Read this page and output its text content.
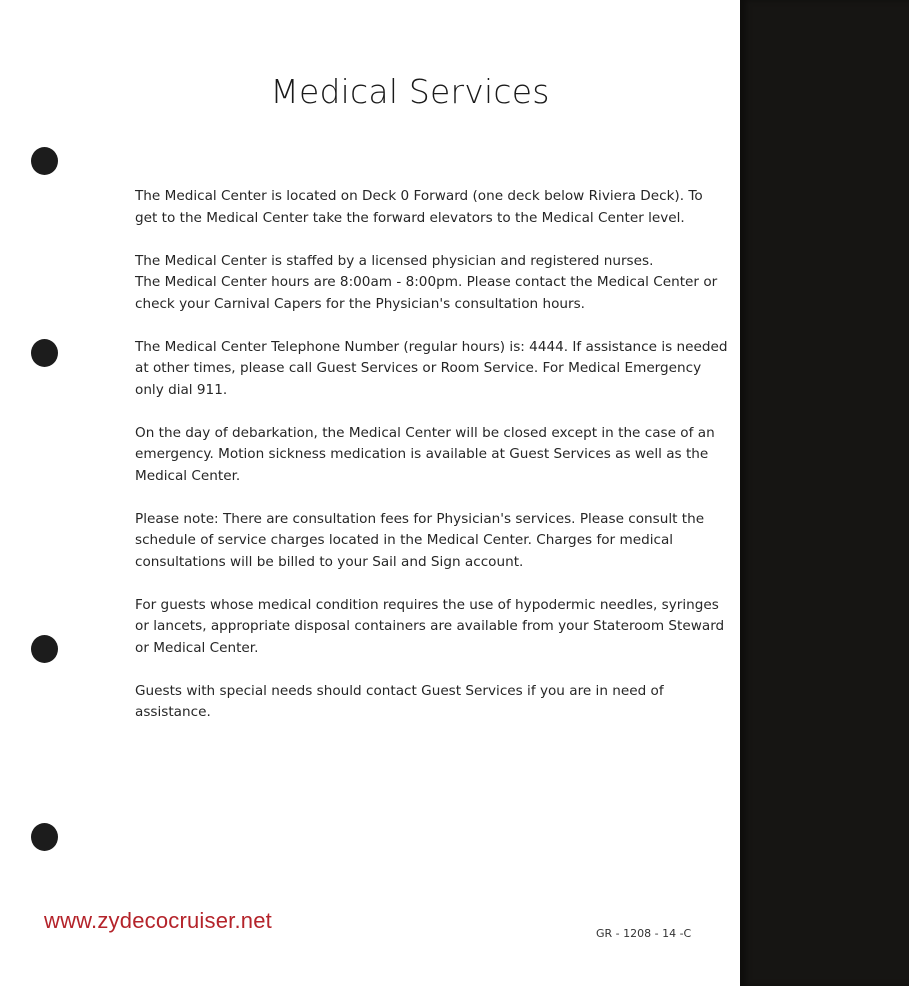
Medical Services

The Medical Center is located on Deck 0 Forward (one deck below Riviera Deck). To
get to the Medical Center take the forward elevators to the Medical Center level.

The Medical Center is staffed by a licensed physician and registered nurses.
The Medical Center hours are 8:00am - 8:00pm. Please contact the Medical Center or
check your Carnival Capers for the Physician's consultation hours.

The Medical Center Telephone Number (regular hours) is: 4444. If assistance is needed
at other times, please call Guest Services or Room Service. For Medical Emergency
only dial 911.

On the day of debarkation, the Medical Center will be closed except in the case of an
emergency. Motion sickness medication is available at Guest Services as well as the
Medical Center.

Please note: There are consultation fees for Physician's services. Please consult the
schedule of service charges located in the Medical Center. Charges for medical
consultations will be billed to your Sail and Sign account.

For guests whose medical condition requires the use of hypodermic needles, syringes
or lancets, appropriate disposal containers are available from your Stateroom Steward
or Medical Center.

Guests with special needs should contact Guest Services if you are in need of
assistance.

www.zydecocruiser.net
GR - 1208 - 14 -C
